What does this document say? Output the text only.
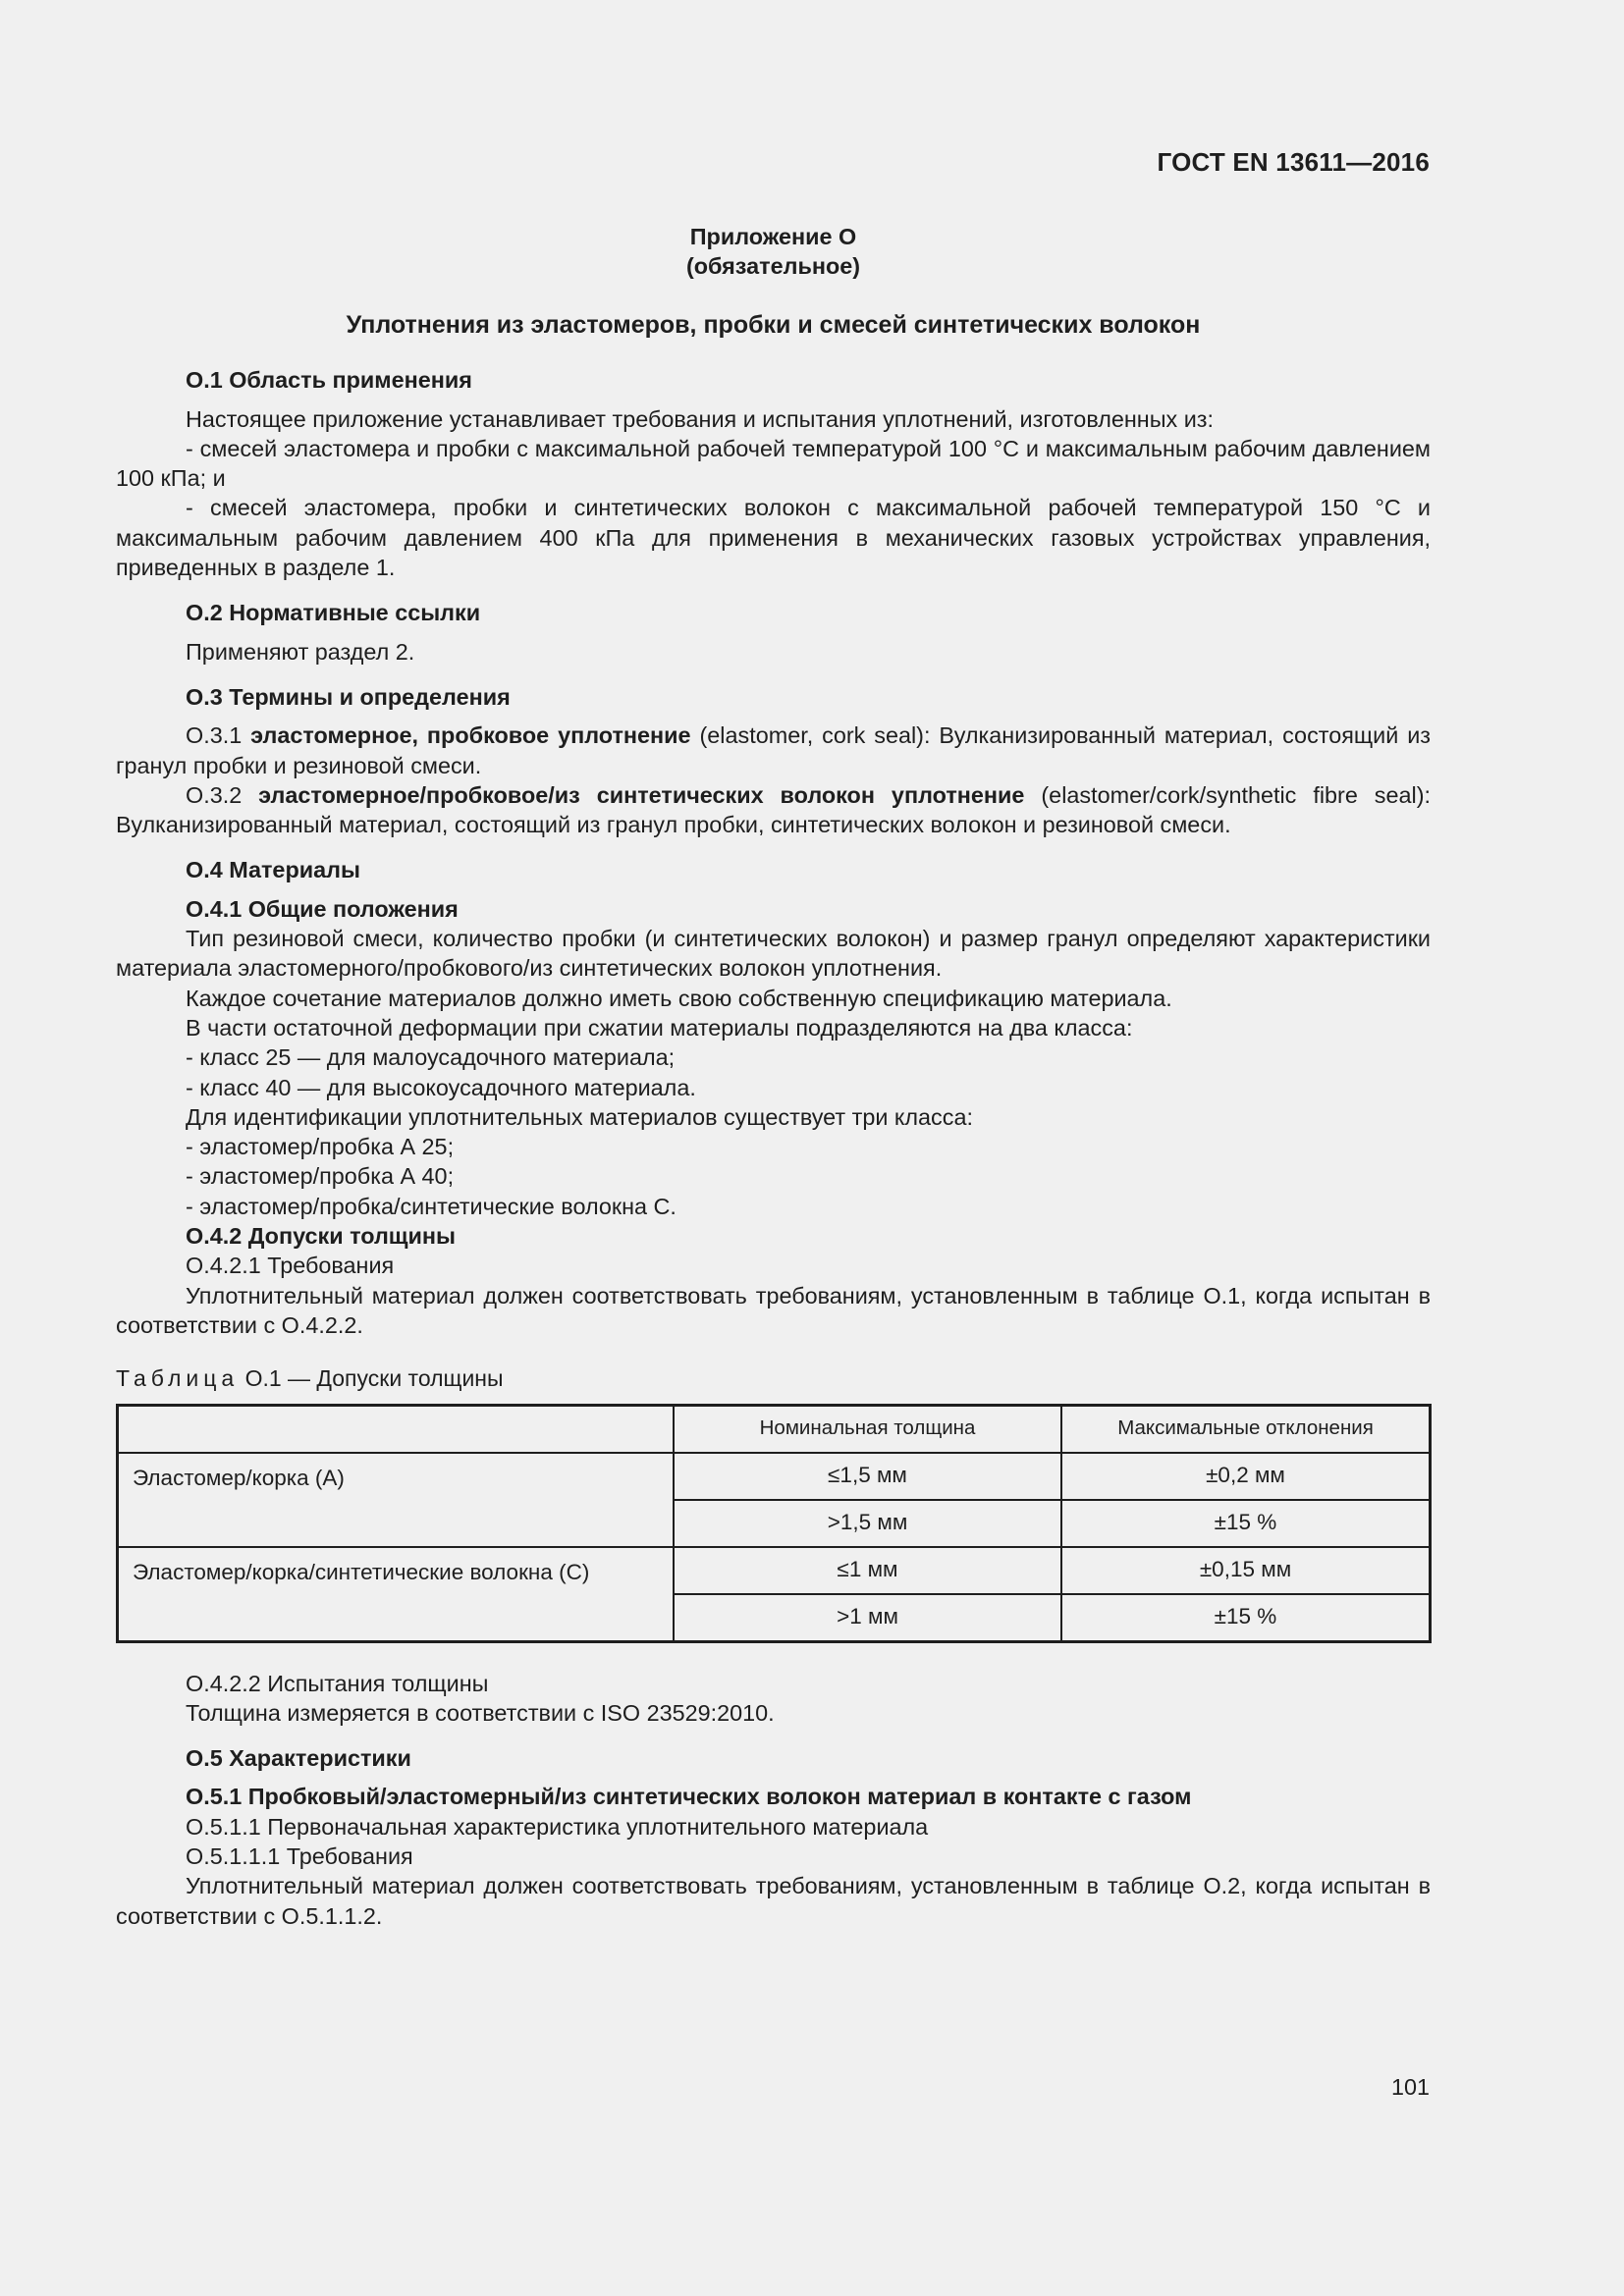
ГОСТ EN 13611—2016
Приложение О
(обязательное)
Уплотнения из эластомеров, пробки и смесей синтетических волокон

О.1 Область применения

Настоящее приложение устанавливает требования и испытания уплотнений, изготовленных из:

- смесей эластомера и пробки с максимальной рабочей температурой 100 °С и максимальным рабочим давлением 100 кПа; и

- смесей эластомера, пробки и синтетических волокон с максимальной рабочей температурой 150 °С и максимальным рабочим давлением 400 кПа для применения в механических газовых устройствах управления, приведенных в разделе 1.

О.2 Нормативные ссылки

Применяют раздел 2.

О.3 Термины и определения

О.3.1 эластомерное, пробковое уплотнение (elastomer, cork seal): Вулканизированный материал, состоящий из гранул пробки и резиновой смеси.

О.3.2 эластомерное/пробковое/из синтетических волокон уплотнение (elastomer/cork/synthetic fibre seal): Вулканизированный материал, состоящий из гранул пробки, синтетических волокон и резиновой смеси.

О.4 Материалы

О.4.1 Общие положения

Тип резиновой смеси, количество пробки (и синтетических волокон) и размер гранул определяют характеристики материала эластомерного/пробкового/из синтетических волокон уплотнения.

Каждое сочетание материалов должно иметь свою собственную спецификацию материала.

В части остаточной деформации при сжатии материалы подразделяются на два класса:

- класс 25 — для малоусадочного материала;

- класс 40 — для высокоусадочного материала.

Для идентификации уплотнительных материалов существует три класса:

- эластомер/пробка А 25;

- эластомер/пробка А 40;

- эластомер/пробка/синтетические волокна С.

О.4.2 Допуски толщины

О.4.2.1 Требования

Уплотнительный материал должен соответствовать требованиям, установленным в таблице О.1, когда испытан в соответствии с О.4.2.2.

Таблица О.1 — Допуски толщины
	Номинальная толщина	Максимальные отклонения
Эластомер/корка (А)	≤1,5 мм	±0,2 мм
	>1,5 мм	±15 %
Эластомер/корка/синтетические волокна (С)	≤1 мм	±0,15 мм
	>1 мм	±15 %

О.4.2.2 Испытания толщины

Толщина измеряется в соответствии с ISO 23529:2010.

О.5 Характеристики

О.5.1 Пробковый/эластомерный/из синтетических волокон материал в контакте с газом

О.5.1.1 Первоначальная характеристика уплотнительного материала

О.5.1.1.1 Требования

Уплотнительный материал должен соответствовать требованиям, установленным в таблице О.2, когда испытан в соответствии с О.5.1.1.2.

101
